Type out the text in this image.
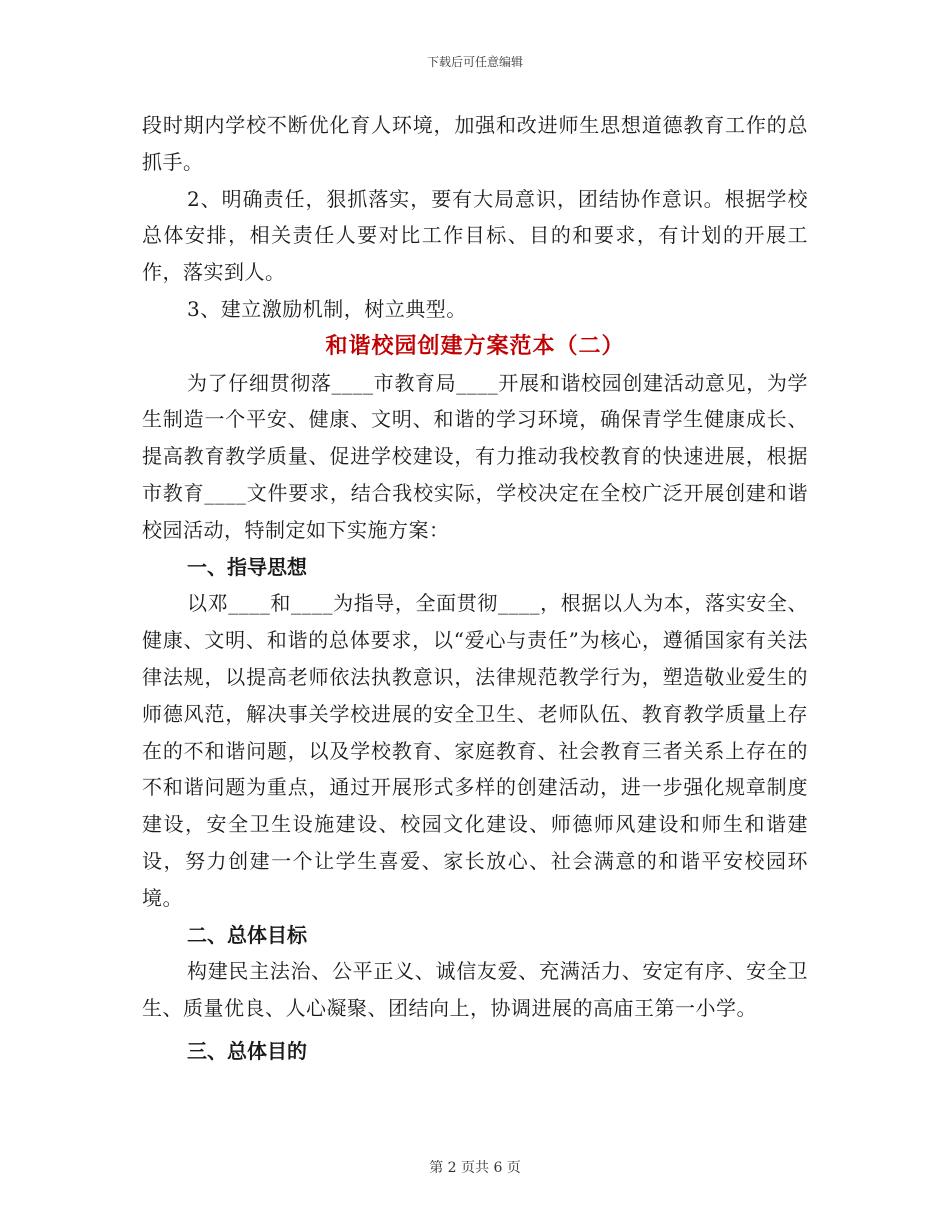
下载后可任意编辑

段时期内学校不断优化育人环境，加强和改进师生思想道德教育工作的总抓手。

2、明确责任，狠抓落实，要有大局意识，团结协作意识。根据学校总体安排，相关责任人要对比工作目标、目的和要求，有计划的开展工作，落实到人。

3、建立激励机制，树立典型。

和谐校园创建方案范本（二）

为了仔细贯彻落____市教育局____开展和谐校园创建活动意见，为学生制造一个平安、健康、文明、和谐的学习环境，确保青学生健康成长、提高教育教学质量、促进学校建设，有力推动我校教育的快速进展，根据市教育____文件要求，结合我校实际，学校决定在全校广泛开展创建和谐校园活动，特制定如下实施方案：

一、指导思想

以邓____和____为指导，全面贯彻____，根据以人为本，落实安全、健康、文明、和谐的总体要求，以“爱心与责任”为核心，遵循国家有关法律法规，以提高老师依法执教意识，法律规范教学行为，塑造敬业爱生的师德风范，解决事关学校进展的安全卫生、老师队伍、教育教学质量上存在的不和谐问题，以及学校教育、家庭教育、社会教育三者关系上存在的不和谐问题为重点，通过开展形式多样的创建活动，进一步强化规章制度建设，安全卫生设施建设、校园文化建设、师德师风建设和师生和谐建设，努力创建一个让学生喜爱、家长放心、社会满意的和谐平安校园环境。

二、总体目标

构建民主法治、公平正义、诚信友爱、充满活力、安定有序、安全卫生、质量优良、人心凝聚、团结向上，协调进展的高庙王第一小学。

三、总体目的

第 2 页共 6 页
